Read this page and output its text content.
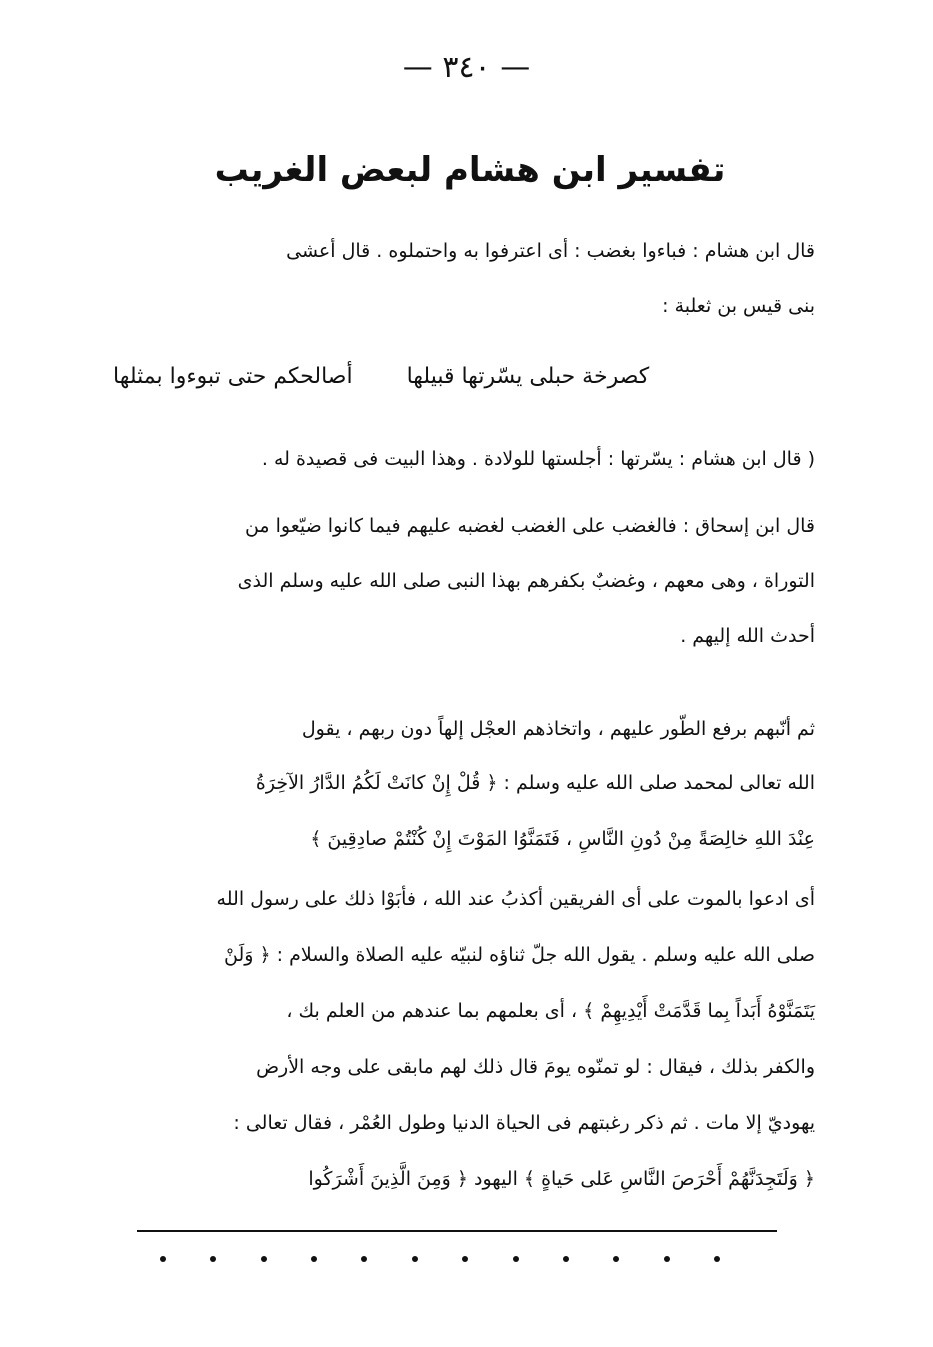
— ٣٤٠ —
تفسير ابن هشام لبعض الغريب
قال ابن هشام : فباءوا بغضب : أى اعترفوا به واحتملوه . قال أعشى
بنى قيس بن ثعلبة :
أصالحكم حتى تبوءوا بمثلها كصرخة حبلى يسّرتها قبيلها
( قال ابن هشام : يسّرتها : أجلستها للولادة . وهذا البيت فى قصيدة له .
قال ابن إسحاق : فالغضب على الغضب لغضبه عليهم فيما كانوا ضيّعوا من
التوراة ، وهى معهم ، وغضبٌ بكفرهم بهذا النبى صلى الله عليه وسلم الذى
أحدث الله إليهم .
ثم أنّبهم برفع الطّور عليهم ، واتخاذهم العجْل إلهاً دون ربهم ، يقول
الله تعالى لمحمد صلى الله عليه وسلم : ﴿ قُلْ إِنْ كانَتْ لَكُمُ الدَّارُ الآخِرَةُ
عِنْدَ اللهِ خالِصَةً مِنْ دُونِ النَّاسِ ، فَتَمَنَّوُا المَوْتَ إِنْ كُنْتُمْ صادِقِينَ ﴾
أى ادعوا بالموت على أى الفريقين أكذبُ عند الله ، فأبَوْا ذلك على رسول الله
صلى الله عليه وسلم . يقول الله جلّ ثناؤه لنبيّه عليه الصلاة والسلام : ﴿ وَلَنْ
يَتَمَنَّوْهُ أَبَداً بِما قَدَّمَتْ أَيْدِيهِمْ ﴾ ، أى بعلمهم بما عندهم من العلم بك ،
والكفر بذلك ، فيقال : لو تمنّوه يومَ قال ذلك لهم مابقى على وجه الأرض
يهوديّ إلا مات . ثم ذكر رغبتهم فى الحياة الدنيا وطول العُمْر ، فقال تعالى :
﴿ وَلَتَجِدَنَّهُمْ أَحْرَصَ النَّاسِ عَلى حَياةٍ ﴾ اليهود ﴿ وَمِنَ الَّذِينَ أَشْرَكُوا
